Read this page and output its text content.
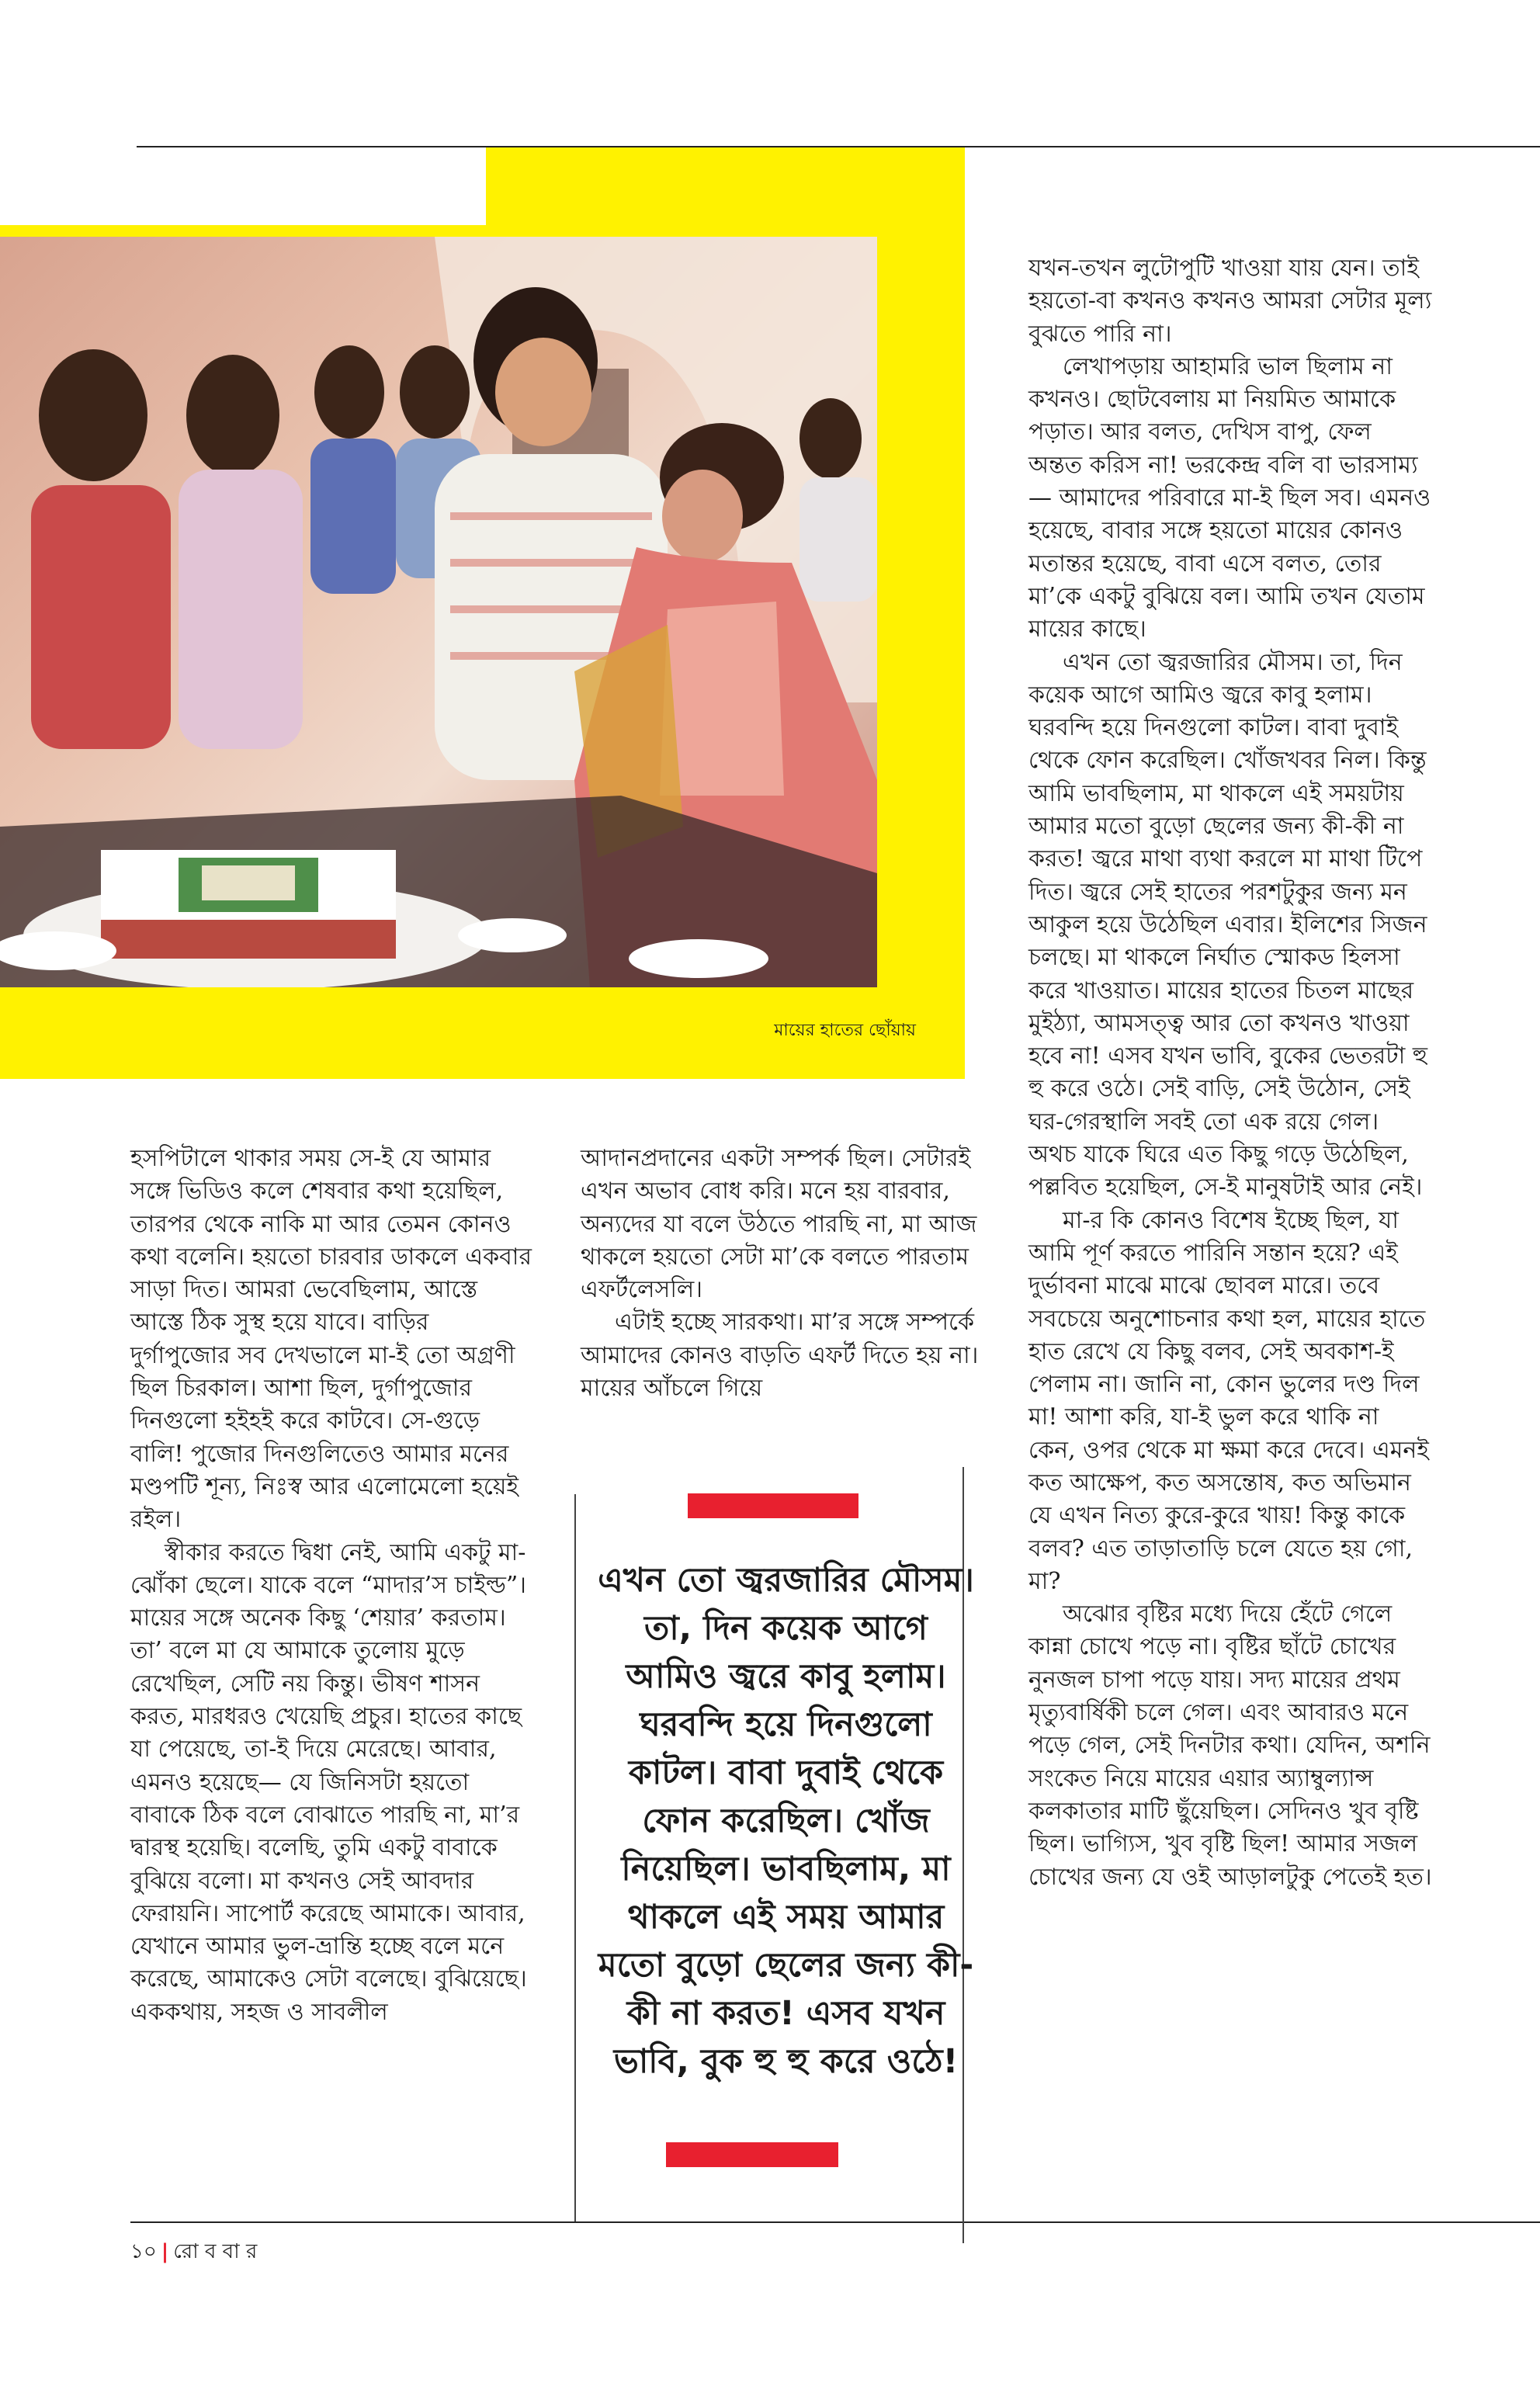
মায়ের হাতের ছোঁয়ায়

যখন-তখন লুটোপুটি খাওয়া যায় যেন। তাই হয়তো-বা কখনও কখনও আমরা সেটার মূল্য বুঝতে পারি না।

লেখাপড়ায় আহামরি ভাল ছিলাম না কখনও। ছোটবেলায় মা নিয়মিত আমাকে পড়াত। আর বলত, দেখিস বাপু, ফেল অন্তত করিস না! ভরকেন্দ্র বলি বা ভারসাম্য— আমাদের পরিবারে মা-ই ছিল সব। এমনও হয়েছে, বাবার সঙ্গে হয়তো মায়ের কোনও মতান্তর হয়েছে, বাবা এসে বলত, তোর মা’কে একটু বুঝিয়ে বল। আমি তখন যেতাম মায়ের কাছে।

এখন তো জ্বরজারির মৌসম। তা, দিন কয়েক আগে আমিও জ্বরে কাবু হলাম। ঘরবন্দি হয়ে দিনগুলো কাটল। বাবা দুবাই থেকে ফোন করেছিল। খোঁজখবর নিল। কিন্তু আমি ভাবছিলাম, মা থাকলে এই সময়টায় আমার মতো বুড়ো ছেলের জন্য কী-কী না করত! জ্বরে মাথা ব্যথা করলে মা মাথা টিপে দিত। জ্বরে সেই হাতের পরশটুকুর জন্য মন আকুল হয়ে উঠেছিল এবার। ইলিশের সিজন চলছে। মা থাকলে নির্ঘাত স্মোকড হিলসা করে খাওয়াত। মায়ের হাতের চিতল মাছের মুইঠ্যা, আমসত্ত্ব আর তো কখনও খাওয়া হবে না! এসব যখন ভাবি, বুকের ভেতরটা হু হু করে ওঠে। সেই বাড়ি, সেই উঠোন, সেই ঘর-গেরস্থালি সবই তো এক রয়ে গেল। অথচ যাকে ঘিরে এত কিছু গড়ে উঠেছিল, পল্লবিত হয়েছিল, সে-ই মানুষটাই আর নেই।

মা-র কি কোনও বিশেষ ইচ্ছে ছিল, যা আমি পূর্ণ করতে পারিনি সন্তান হয়ে? এই দুর্ভাবনা মাঝে মাঝে ছোবল মারে। তবে সবচেয়ে অনুশোচনার কথা হল, মায়ের হাতে হাত রেখে যে কিছু বলব, সেই অবকাশ-ই পেলাম না। জানি না, কোন ভুলের দণ্ড দিল মা! আশা করি, যা-ই ভুল করে থাকি না কেন, ওপর থেকে মা ক্ষমা করে দেবে। এমনই কত আক্ষেপ, কত অসন্তোষ, কত অভিমান যে এখন নিত্য কুরে-কুরে খায়! কিন্তু কাকে বলব? এত তাড়াতাড়ি চলে যেতে হয় গো, মা?

অঝোর বৃষ্টির মধ্যে দিয়ে হেঁটে গেলে কান্না চোখে পড়ে না। বৃষ্টির ছাঁটে চোখের নুনজল চাপা পড়ে যায়। সদ্য মায়ের প্রথম মৃত্যুবার্ষিকী চলে গেল। এবং আবারও মনে পড়ে গেল, সেই দিনটার কথা। যেদিন, অশনি সংকেত নিয়ে মায়ের এয়ার অ্যাম্বুল্যান্স কলকাতার মাটি ছুঁয়েছিল। সেদিনও খুব বৃষ্টি ছিল। ভাগ্যিস, খুব বৃষ্টি ছিল! আমার সজল চোখের জন্য যে ওই আড়ালটুকু পেতেই হত।

হসপিটালে থাকার সময় সে-ই যে আমার সঙ্গে ভিডিও কলে শেষবার কথা হয়েছিল, তারপর থেকে নাকি মা আর তেমন কোনও কথা বলেনি। হয়তো চারবার ডাকলে একবার সাড়া দিত। আমরা ভেবেছিলাম, আস্তে আস্তে ঠিক সুস্থ হয়ে যাবে। বাড়ির দুর্গাপুজোর সব দেখভালে মা-ই তো অগ্রণী ছিল চিরকাল। আশা ছিল, দুর্গাপুজোর দিনগুলো হইহই করে কাটবে। সে-গুড়ে বালি! পুজোর দিনগুলিতেও আমার মনের মণ্ডপটি শূন্য, নিঃস্ব আর এলোমেলো হয়েই রইল।

স্বীকার করতে দ্বিধা নেই, আমি একটু মা-ঝোঁকা ছেলে। যাকে বলে “মাদার’স চাইল্ড”। মায়ের সঙ্গে অনেক কিছু ‘শেয়ার’ করতাম। তা’ বলে মা যে আমাকে তুলোয় মুড়ে রেখেছিল, সেটি নয় কিন্তু। ভীষণ শাসন করত, মারধরও খেয়েছি প্রচুর। হাতের কাছে যা পেয়েছে, তা-ই দিয়ে মেরেছে। আবার, এমনও হয়েছে— যে জিনিসটা হয়তো বাবাকে ঠিক বলে বোঝাতে পারছি না, মা’র দ্বারস্থ হয়েছি। বলেছি, তুমি একটু বাবাকে বুঝিয়ে বলো। মা কখনও সেই আবদার ফেরায়নি। সাপোর্ট করেছে আমাকে। আবার, যেখানে আমার ভুল-ভ্রান্তি হচ্ছে বলে মনে করেছে, আমাকেও সেটা বলেছে। বুঝিয়েছে। এককথায়, সহজ ও সাবলীল

আদানপ্রদানের একটা সম্পর্ক ছিল। সেটারই এখন অভাব বোধ করি। মনে হয় বারবার, অন্যদের যা বলে উঠতে পারছি না, মা আজ থাকলে হয়তো সেটা মা’কে বলতে পারতাম এফর্টলেসলি।

এটাই হচ্ছে সারকথা। মা’র সঙ্গে সম্পর্কে আমাদের কোনও বাড়তি এফর্ট দিতে হয় না। মায়ের আঁচলে গিয়ে

এখন তো জ্বরজারির মৌসম। তা, দিন কয়েক আগে আমিও জ্বরে কাবু হলাম। ঘরবন্দি হয়ে দিনগুলো কাটল। বাবা দুবাই থেকে ফোন করেছিল। খোঁজ নিয়েছিল। ভাবছিলাম, মা থাকলে এই সময় আমার মতো বুড়ো ছেলের জন্য কী-কী না করত! এসব যখন ভাবি, বুক হু হু করে ওঠে!
১০ | রো ব বা র
